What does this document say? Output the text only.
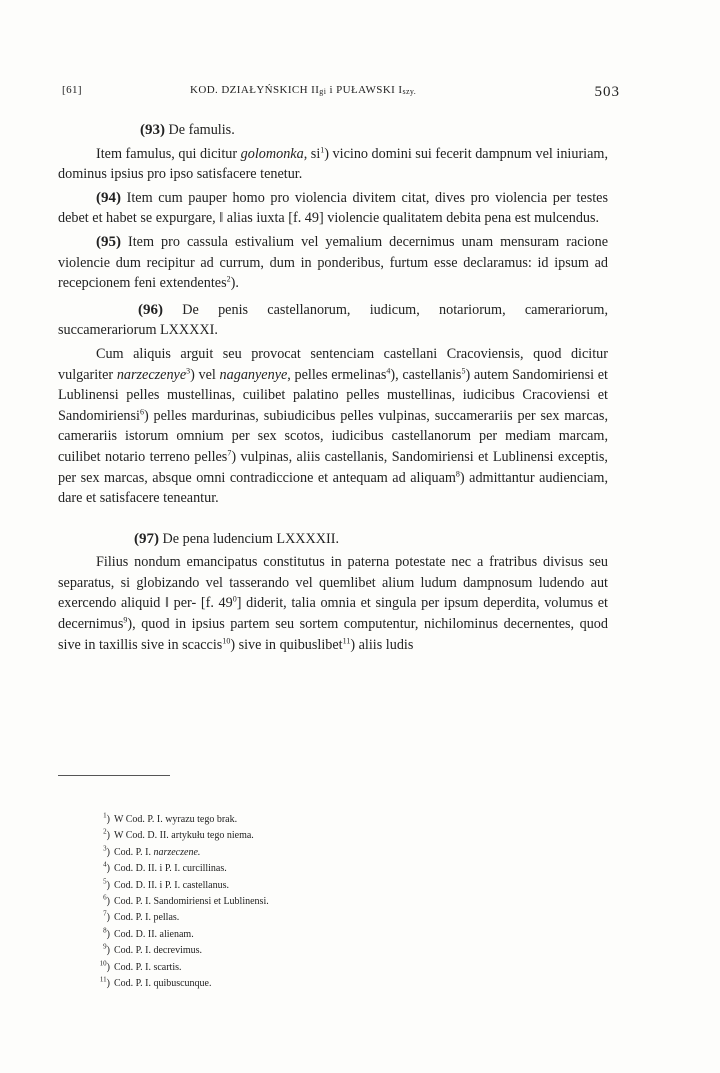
[61]	KOD. DZIAŁYŃSKICH $II_{gi}$ i PUŁAWSKI $I_{szy.}$	503

(93) De famulis.

Item famulus, qui dicitur golomonka, $si^1$) vicino domini sui fecerit dampnum vel iniuriam, dominus ipsius pro ipso satisfacere tenetur.

(94) Item cum pauper homo pro violencia divitem citat, dives pro violencia per testes debet et habet se expurgare, ‖ alias iuxta [f. 49] violencie qualitatem debita pena est mulcendus.

(95) Item pro cassula estivalium vel yemalium decernimus unam mensuram racione violencie dum recipitur ad currum, dum in ponderibus, furtum esse declaramus: id ipsum ad recepcionem feni extendentes$^2$).

(96) De penis castellanorum, iudicum, notariorum, camerariorum, succamerariorum LXXXXI.

Cum aliquis arguit seu provocat sentenciam castellani Cracoviensis, quod dicitur vulgariter narzeczenye$^3$) vel naganyenye, pelles ermelinas$^4$), castellanis$^5$) autem Sandomiriensi et Lublinensi pelles mustellinas, cuilibet palatino pelles mustellinas, iudicibus Cracoviensi et Sandomiriensi$^6$) pelles mardurinas, subiudicibus pelles vulpinas, succamerariis per sex marcas, camerariis istorum omnium per sex scotos, iudicibus castellanorum per mediam marcam, cuilibet notario terreno pelles$^7$) vulpinas, aliis castellanis, Sandomiriensi et Lublinensi exceptis, per sex marcas, absque omni contradiccione et antequam ad aliquam$^8$) admittantur audienciam, dare et satisfacere teneantur.

(97) De pena ludencium LXXXXII.

Filius nondum emancipatus constitutus in paterna potestate nec a fratribus divisus seu separatus, si globizando vel tasserando vel quemlibet alium ludum dampnosum ludendo aut exercendo aliquid ‖ per- [f. $49^0$] diderit, talia omnia et singula per ipsum deperdita, volumus et decernimus$^9$), quod in ipsius partem seu sortem computentur, nichilominus decernentes, quod sive in taxillis sive in scaccis$^{10}$) sive in quibuslibet$^{11}$) aliis ludis

$^1$) W Cod. P. I. wyrazu tego brak.
$^2$) W Cod. D. II. artykułu tego niema.
$^3$) Cod. P. I. narzeczene.
$^4$) Cod. D. II. i P. I. curcillinas.
$^5$) Cod. D. II. i P. I. castellanus.
$^6$) Cod. P. I. Sandomiriensi et Lublinensi.
$^7$) Cod. P. I. pellas.
$^8$) Cod. D. II. alienam.
$^9$) Cod. P. I. decrevimus.
$^{10}$) Cod. P. I. scartis.
$^{11}$) Cod. P. I. quibuscunque.
